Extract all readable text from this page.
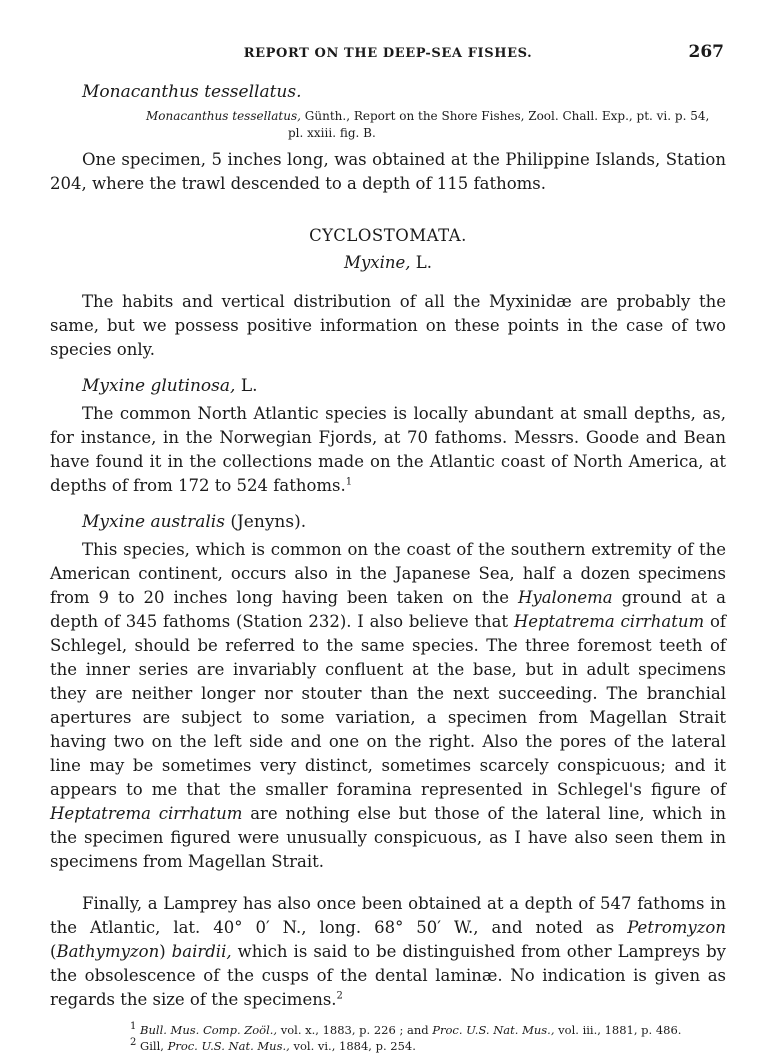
REPORT ON THE DEEP-SEA FISHES.	267
Monacanthus tessellatus.
Monacanthus tessellatus, Günth., Report on the Shore Fishes, Zool. Chall. Exp., pt. vi. p. 54,
pl. xxiii. fig. B.

One specimen, 5 inches long, was obtained at the Philippine Islands, Station 204, where the trawl descended to a depth of 115 fathoms.

CYCLOSTOMATA.
Myxine, L.

The habits and vertical distribution of all the Myxinidæ are probably the same, but we possess positive information on these points in the case of two species only.

Myxine glutinosa, L.

The common North Atlantic species is locally abundant at small depths, as, for instance, in the Norwegian Fjords, at 70 fathoms. Messrs. Goode and Bean have found it in the collections made on the Atlantic coast of North America, at depths of from 172 to 524 fathoms.$^1$

Myxine australis (Jenyns).

This species, which is common on the coast of the southern extremity of the American continent, occurs also in the Japanese Sea, half a dozen specimens from 9 to 20 inches long having been taken on the Hyalonema ground at a depth of 345 fathoms (Station 232). I also believe that Heptatrema cirrhatum of Schlegel, should be referred to the same species. The three foremost teeth of the inner series are invariably confluent at the base, but in adult specimens they are neither longer nor stouter than the next succeeding. The branchial apertures are subject to some variation, a specimen from Magellan Strait having two on the left side and one on the right. Also the pores of the lateral line may be sometimes very distinct, sometimes scarcely conspicuous; and it appears to me that the smaller foramina represented in Schlegel's figure of Heptatrema cirrhatum are nothing else but those of the lateral line, which in the specimen figured were unusually conspicuous, as I have also seen them in specimens from Magellan Strait.

Finally, a Lamprey has also once been obtained at a depth of 547 fathoms in the Atlantic, lat. 40° 0′ N., long. 68° 50′ W., and noted as Petromyzon (Bathymyzon) bairdii, which is said to be distinguished from other Lampreys by the obsolescence of the cusps of the dental laminæ. No indication is given as regards the size of the specimens.$^2$

$^1$ Bull. Mus. Comp. Zoöl., vol. x., 1883, p. 226 ; and Proc. U.S. Nat. Mus., vol. iii., 1881, p. 486.
$^2$ Gill, Proc. U.S. Nat. Mus., vol. vi., 1884, p. 254.
